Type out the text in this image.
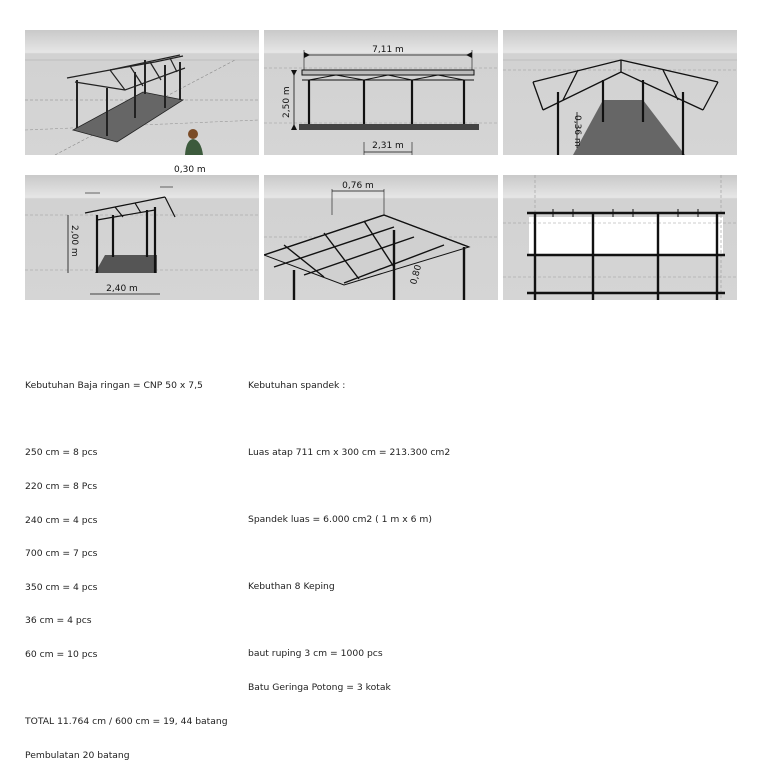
7,11 m
2,50 m
2,31 m	0,36 m
0,30 m
2,00 m
2,40 m
0,76 m
0,80

Kebutuhan Baja ringan = CNP 50 x 7,5

250 cm = 8 pcs

220 cm = 8 Pcs

240 cm = 4 pcs

700 cm = 7 pcs

350 cm = 4 pcs

36 cm = 4 pcs

60 cm = 10 pcs

TOTAL 11.764 cm / 600 cm = 19, 44 batang

Pembulatan 20 batang

Kebutuhan spandek :

Luas atap 711 cm x 300 cm = 213.300 cm2

Spandek luas = 6.000 cm2 ( 1 m x 6 m)

Kebuthan 8 Keping

baut ruping 3 cm = 1000 pcs

Batu Geringa Potong = 3 kotak
